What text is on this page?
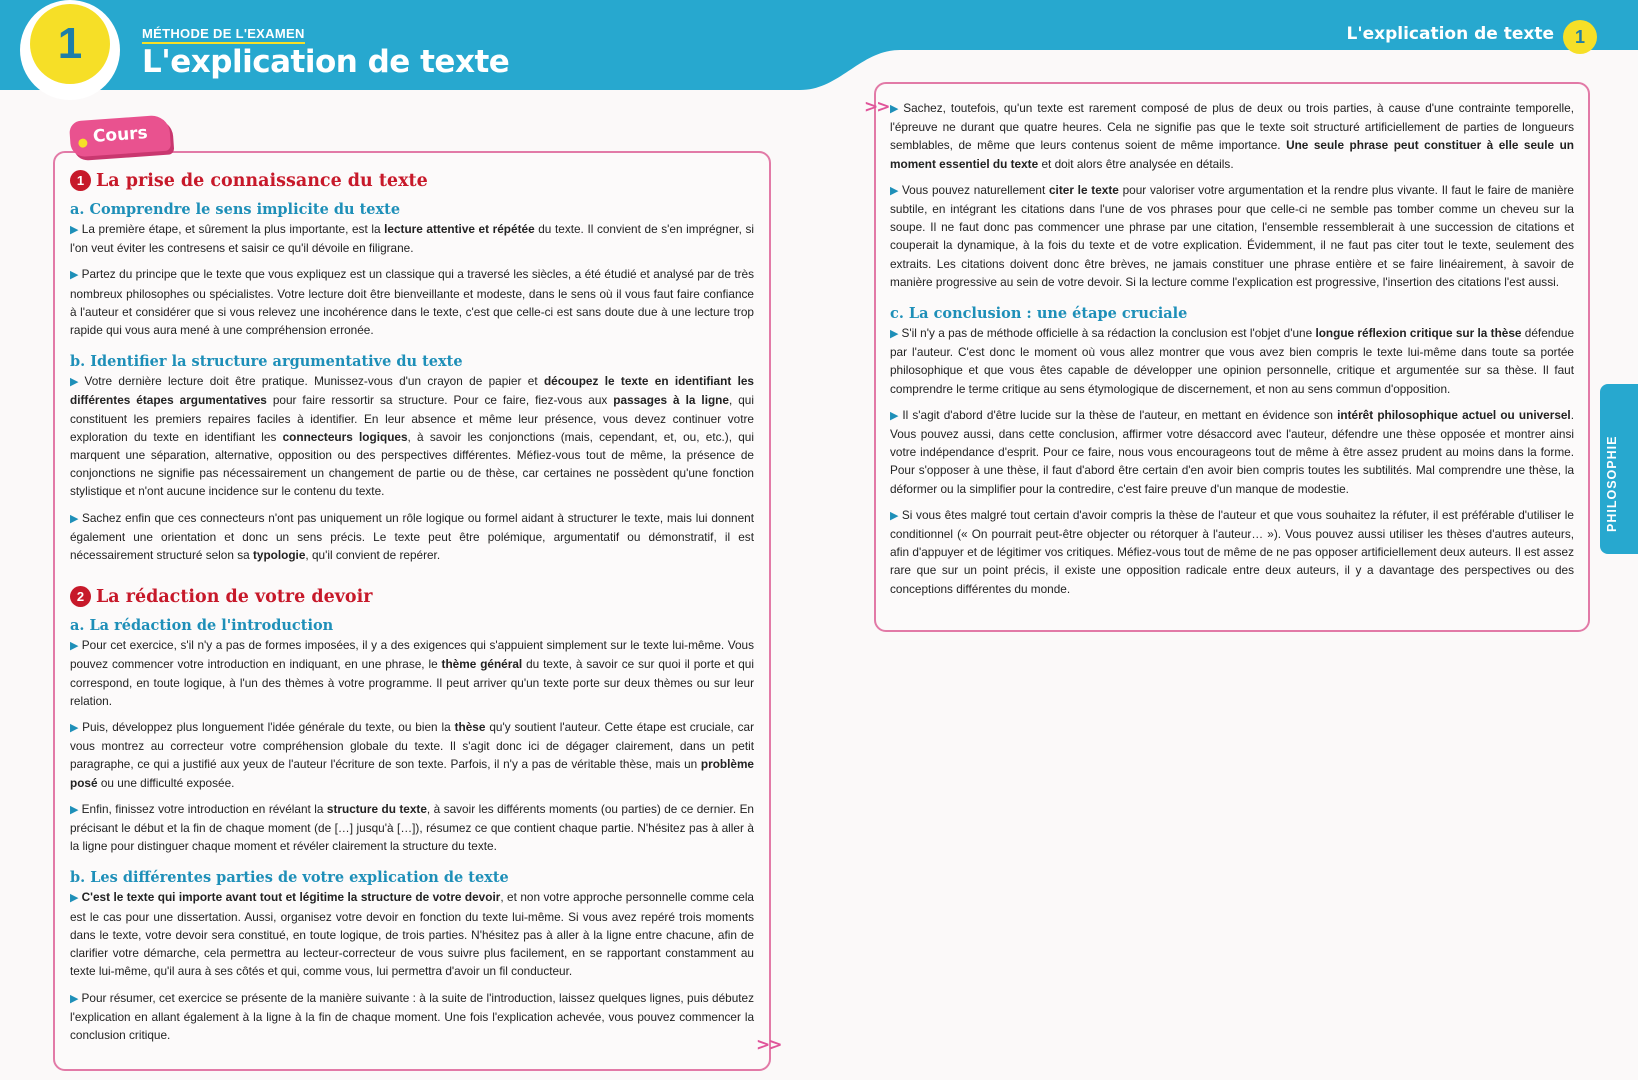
1	MÉTHODE DE L'EXAMEN
L'explication de texte
L'explication de texte	1
Cours
1 La prise de connaissance du texte
a. Comprendre le sens implicite du texte

▶ La première étape, et sûrement la plus importante, est la lecture attentive et répétée du texte. Il convient de s'en imprégner, si l'on veut éviter les contresens et saisir ce qu'il dévoile en filigrane.

▶ Partez du principe que le texte que vous expliquez est un classique qui a traversé les siècles, a été étudié et analysé par de très nombreux philosophes ou spécialistes. Votre lecture doit être bienveillante et modeste, dans le sens où il vous faut faire confiance à l'auteur et considérer que si vous relevez une incohérence dans le texte, c'est que celle-ci est sans doute due à une lecture trop rapide qui vous aura mené à une compréhension erronée.

b. Identifier la structure argumentative du texte

▶ Votre dernière lecture doit être pratique. Munissez-vous d'un crayon de papier et découpez le texte en identifiant les différentes étapes argumentatives pour faire ressortir sa structure. Pour ce faire, fiez-vous aux passages à la ligne, qui constituent les premiers repaires faciles à identifier. En leur absence et même leur présence, vous devez continuer votre exploration du texte en identifiant les connecteurs logiques, à savoir les conjonctions (mais, cependant, et, ou, etc.), qui marquent une séparation, alternative, opposition ou des perspectives différentes. Méfiez-vous tout de même, la présence de conjonctions ne signifie pas nécessairement un changement de partie ou de thèse, car certaines ne possèdent qu'une fonction stylistique et n'ont aucune incidence sur le contenu du texte.

▶ Sachez enfin que ces connecteurs n'ont pas uniquement un rôle logique ou formel aidant à structurer le texte, mais lui donnent également une orientation et donc un sens précis. Le texte peut être polémique, argumentatif ou démonstratif, il est nécessairement structuré selon sa typologie, qu'il convient de repérer.

2 La rédaction de votre devoir
a. La rédaction de l'introduction

▶ Pour cet exercice, s'il n'y a pas de formes imposées, il y a des exigences qui s'appuient simplement sur le texte lui-même. Vous pouvez commencer votre introduction en indiquant, en une phrase, le thème général du texte, à savoir ce sur quoi il porte et qui correspond, en toute logique, à l'un des thèmes à votre programme. Il peut arriver qu'un texte porte sur deux thèmes ou sur leur relation.

▶ Puis, développez plus longuement l'idée générale du texte, ou bien la thèse qu'y soutient l'auteur. Cette étape est cruciale, car vous montrez au correcteur votre compréhension globale du texte. Il s'agit donc ici de dégager clairement, dans un petit paragraphe, ce qui a justifié aux yeux de l'auteur l'écriture de son texte. Parfois, il n'y a pas de véritable thèse, mais un problème posé ou une difficulté exposée.

▶ Enfin, finissez votre introduction en révélant la structure du texte, à savoir les différents moments (ou parties) de ce dernier. En précisant le début et la fin de chaque moment (de […] jusqu'à […]), résumez ce que contient chaque partie. N'hésitez pas à aller à la ligne pour distinguer chaque moment et révéler clairement la structure du texte.

b. Les différentes parties de votre explication de texte

▶ C'est le texte qui importe avant tout et légitime la structure de votre devoir, et non votre approche personnelle comme cela est le cas pour une dissertation. Aussi, organisez votre devoir en fonction du texte lui-même. Si vous avez repéré trois moments dans le texte, votre devoir sera constitué, en toute logique, de trois parties. N'hésitez pas à aller à la ligne entre chacune, afin de clarifier votre démarche, cela permettra au lecteur-correcteur de vous suivre plus facilement, en se rapportant constamment au texte lui-même, qu'il aura à ses côtés et qui, comme vous, lui permettra d'avoir un fil conducteur.

▶ Pour résumer, cet exercice se présente de la manière suivante : à la suite de l'introduction, laissez quelques lignes, puis débutez l'explication en allant également à la ligne à la fin de chaque moment. Une fois l'explication achevée, vous pouvez commencer la conclusion critique.

▶ Sachez, toutefois, qu'un texte est rarement composé de plus de deux ou trois parties, à cause d'une contrainte temporelle, l'épreuve ne durant que quatre heures. Cela ne signifie pas que le texte soit structuré artificiellement de parties de longueurs semblables, de même que leurs contenus soient de même importance. Une seule phrase peut constituer à elle seule un moment essentiel du texte et doit alors être analysée en détails.

▶ Vous pouvez naturellement citer le texte pour valoriser votre argumentation et la rendre plus vivante. Il faut le faire de manière subtile, en intégrant les citations dans l'une de vos phrases pour que celle-ci ne semble pas tomber comme un cheveu sur la soupe. Il ne faut donc pas commencer une phrase par une citation, l'ensemble ressemblerait à une succession de citations et couperait la dynamique, à la fois du texte et de votre explication. Évidemment, il ne faut pas citer tout le texte, seulement des extraits. Les citations doivent donc être brèves, ne jamais constituer une phrase entière et se faire linéairement, à savoir de manière progressive au sein de votre devoir. Si la lecture comme l'explication est progressive, l'insertion des citations l'est aussi.

c. La conclusion : une étape cruciale

▶ S'il n'y a pas de méthode officielle à sa rédaction la conclusion est l'objet d'une longue réflexion critique sur la thèse défendue par l'auteur. C'est donc le moment où vous allez montrer que vous avez bien compris le texte lui-même dans toute sa portée philosophique et que vous êtes capable de développer une opinion personnelle, critique et argumentée sur sa thèse. Il faut comprendre le terme critique au sens étymologique de discernement, et non au sens commun d'opposition.

▶ Il s'agit d'abord d'être lucide sur la thèse de l'auteur, en mettant en évidence son intérêt philosophique actuel ou universel. Vous pouvez aussi, dans cette conclusion, affirmer votre désaccord avec l'auteur, défendre une thèse opposée et montrer ainsi votre indépendance d'esprit. Pour ce faire, nous vous encourageons tout de même à être assez prudent au moins dans la forme. Pour s'opposer à une thèse, il faut d'abord être certain d'en avoir bien compris toutes les subtilités. Mal comprendre une thèse, la déformer ou la simplifier pour la contredire, c'est faire preuve d'un manque de modestie.

▶ Si vous êtes malgré tout certain d'avoir compris la thèse de l'auteur et que vous souhaitez la réfuter, il est préférable d'utiliser le conditionnel (« On pourrait peut-être objecter ou rétorquer à l'auteur… »). Vous pouvez aussi utiliser les thèses d'autres auteurs, afin d'appuyer et de légitimer vos critiques. Méfiez-vous tout de même de ne pas opposer artificiellement deux auteurs. Il est assez rare que sur un point précis, il existe une opposition radicale entre deux auteurs, il y a davantage des perspectives ou des conceptions différentes du monde.

>>
>>
PHILOSOPHIE
